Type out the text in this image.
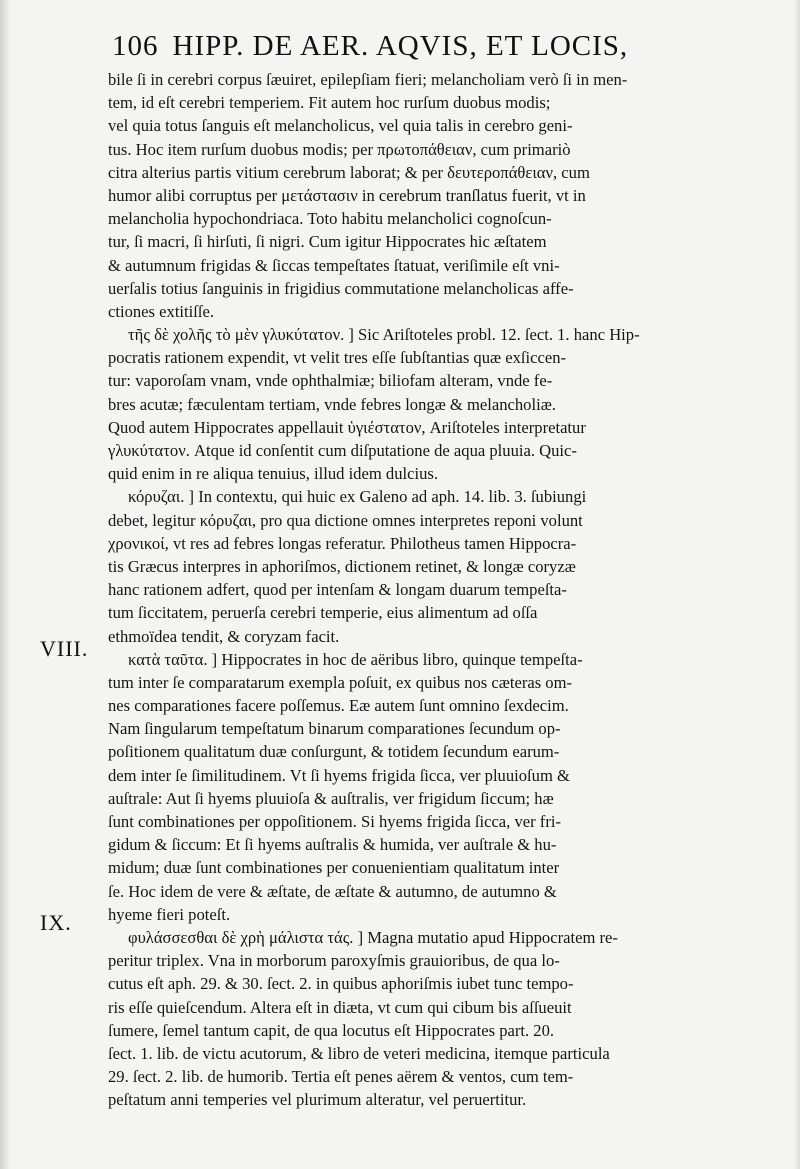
106 HIPP. DE AER. AQVIS, ET LOCIS,
VIII.
IX.
bile ſi in cerebri corpus ſæuiret, epilepſiam fieri; melancholiam verò ſi in men-
tem, id eſt cerebri temperiem. Fit autem hoc rurſum duobus modis;
vel quia totus ſanguis eſt melancholicus, vel quia talis in cerebro geni-
tus. Hoc item rurſum duobus modis; per πρωτοπάθειαν, cum primariò
citra alterius partis vitium cerebrum laborat; & per δευτεροπάθειαν, cum
humor alibi corruptus per μετάστασιν in cerebrum tranſlatus fuerit, vt in
melancholia hypochondriaca. Toto habitu melancholici cognoſcun-
tur, ſi macri, ſi hirſuti, ſi nigri. Cum igitur Hippocrates hic æſtatem
& autumnum frigidas & ſiccas tempeſtates ſtatuat, veriſimile eſt vni-
uerſalis totius ſanguinis in frigidius commutatione melancholicas affe-
ctiones extitiſſe.
τῆς δὲ χολῆς τὸ μὲν γλυκύτατον. ] Sic Ariſtoteles probl. 12. ſect. 1. hanc Hip-
pocratis rationem expendit, vt velit tres eſſe ſubſtantias quæ exſiccen-
tur: vaporoſam vnam, vnde ophthalmiæ; biliofam alteram, vnde fe-
bres acutæ; fæculentam tertiam, vnde febres longæ & melancholiæ.
Quod autem Hippocrates appellauit ὑγιέστατον, Ariſtoteles interpretatur
γλυκύτατον. Atque id conſentit cum diſputatione de aqua pluuia. Quic-
quid enim in re aliqua tenuius, illud idem dulcius.
κόρυζαι. ] In contextu, qui huic ex Galeno ad aph. 14. lib. 3. ſubiungi
debet, legitur κόρυζαι, pro qua dictione omnes interpretes reponi volunt
χρονικοί, vt res ad febres longas referatur. Philotheus tamen Hippocra-
tis Græcus interpres in aphoriſmos, dictionem retinet, & longæ coryzæ
hanc rationem adfert, quod per intenſam & longam duarum tempeſta-
tum ſiccitatem, peruerſa cerebri temperie, eius alimentum ad oſſa
ethmoïdea tendit, & coryzam facit.
κατὰ ταῦτα. ] Hippocrates in hoc de aëribus libro, quinque tempeſta-
tum inter ſe comparatarum exempla poſuit, ex quibus nos cæteras om-
nes comparationes facere poſſemus. Eæ autem ſunt omnino ſexdecim.
Nam ſingularum tempeſtatum binarum comparationes ſecundum op-
poſitionem qualitatum duæ conſurgunt, & totidem ſecundum earum-
dem inter ſe ſimilitudinem. Vt ſi hyems frigida ſicca, ver pluuioſum &
auſtrale: Aut ſi hyems pluuioſa & auſtralis, ver frigidum ſiccum; hæ
ſunt combinationes per oppoſitionem. Si hyems frigida ſicca, ver fri-
gidum & ſiccum: Et ſi hyems auſtralis & humida, ver auſtrale & hu-
midum; duæ ſunt combinationes per conuenientiam qualitatum inter
ſe. Hoc idem de vere & æſtate, de æſtate & autumno, de autumno &
hyeme fieri poteſt.
φυλάσσεσθαι δὲ χρὴ μάλιστα τάς. ] Magna mutatio apud Hippocratem re-
peritur triplex. Vna in morborum paroxyſmis grauioribus, de qua lo-
cutus eſt aph. 29. & 30. ſect. 2. in quibus aphoriſmis iubet tunc tempo-
ris eſſe quieſcendum. Altera eſt in diæta, vt cum qui cibum bis aſſueuit
ſumere, ſemel tantum capit, de qua locutus eſt Hippocrates part. 20.
ſect. 1. lib. de victu acutorum, & libro de veteri medicina, itemque particula
29. ſect. 2. lib. de humorib. Tertia eſt penes aërem & ventos, cum tem-
peſtatum anni temperies vel plurimum alteratur, vel peruertitur.
